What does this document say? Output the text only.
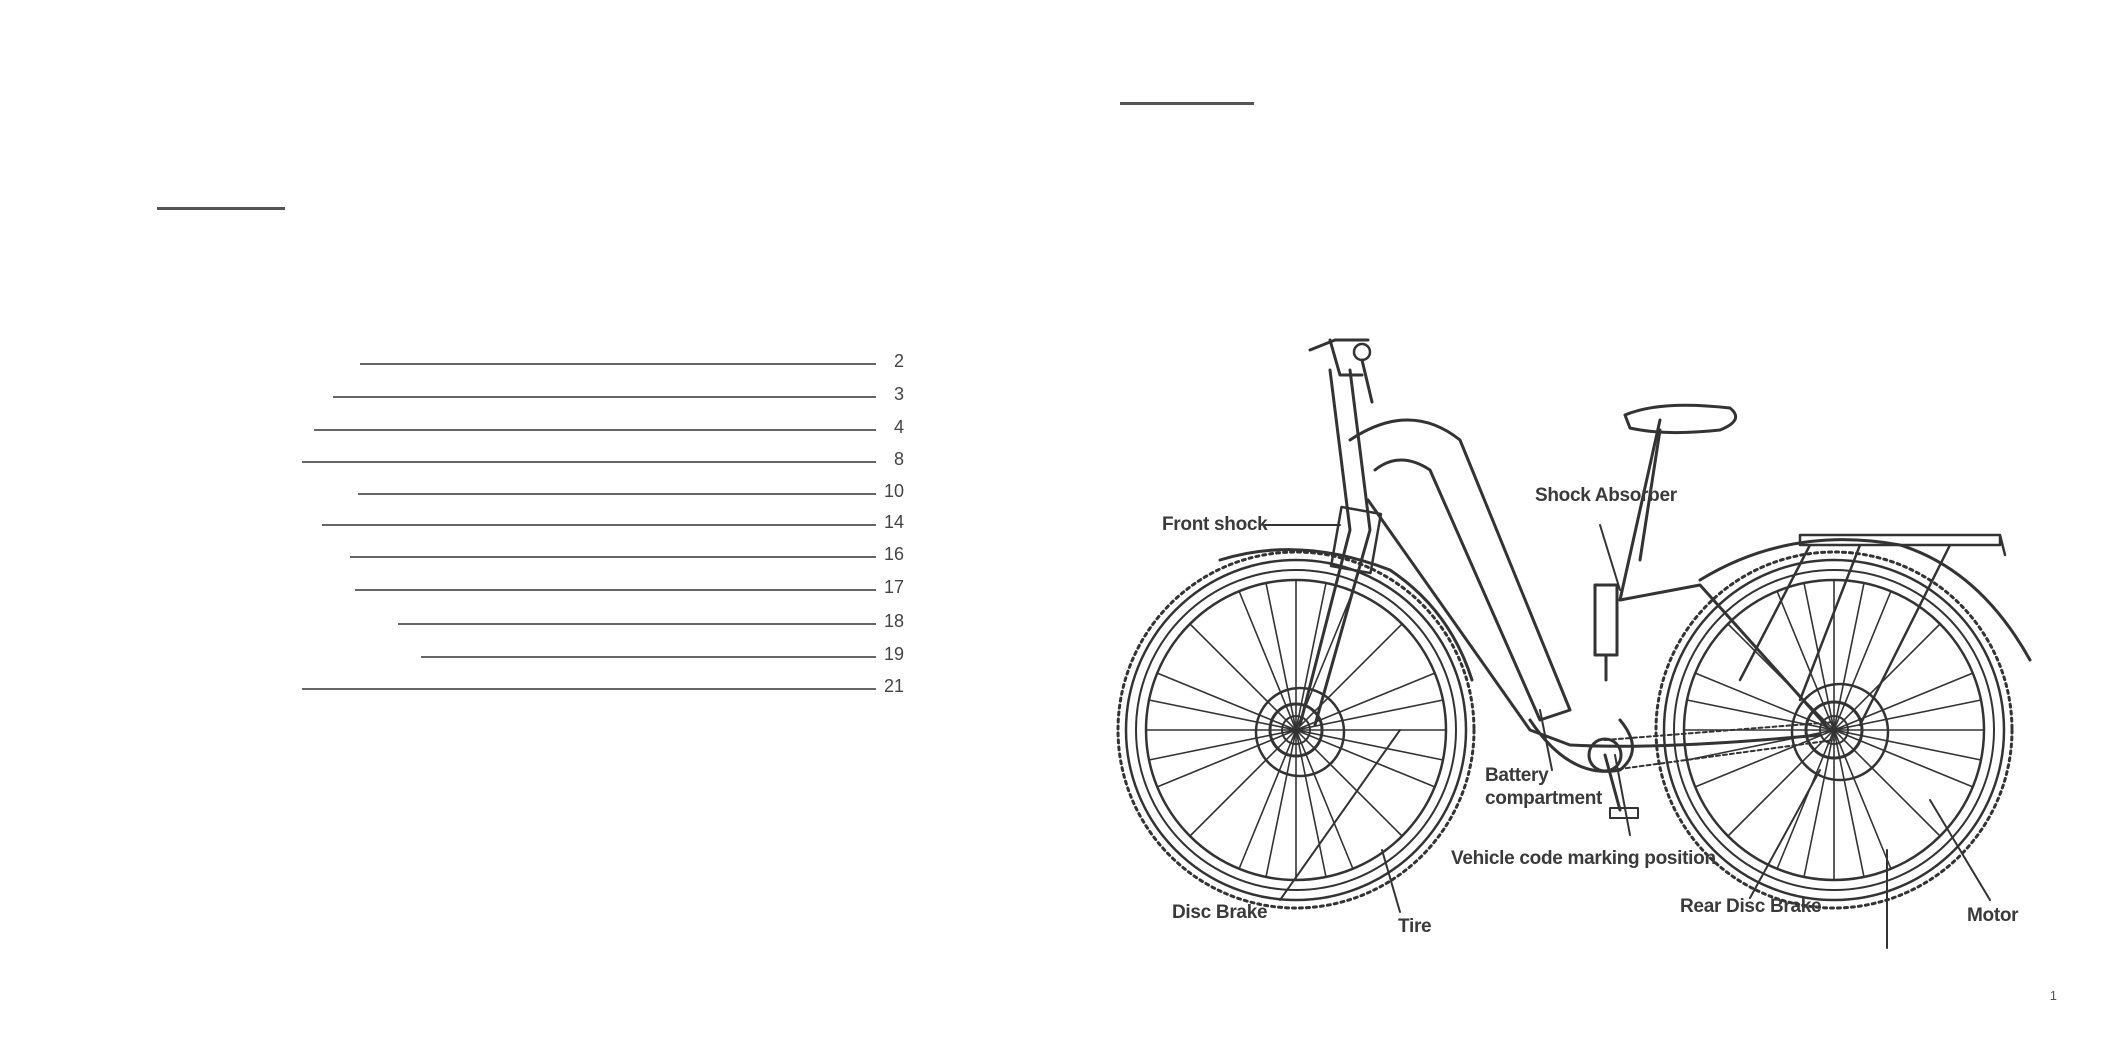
2
3
4
8
10
14
16
17
18
19
21
Front shock
Shock Absorber
Battery
compartment
Vehicle code marking position
Disc Brake
Tire
Rear Disc Brake	Motor
1
